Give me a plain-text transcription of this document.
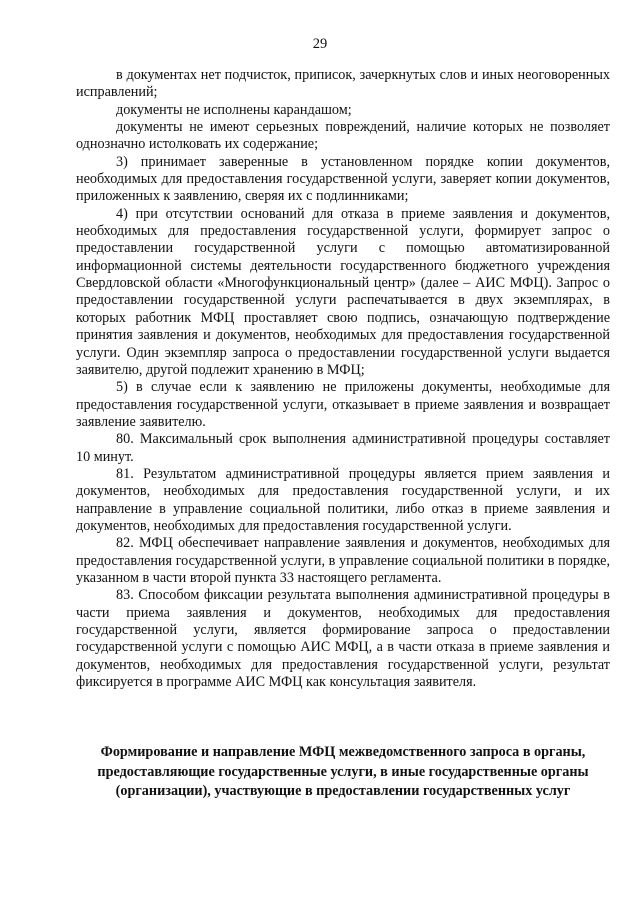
29

в документах нет подчисток, приписок, зачеркнутых слов и иных неоговоренных исправлений;

документы не исполнены карандашом;

документы не имеют серьезных повреждений, наличие которых не позволяет однозначно истолковать их содержание;

3) принимает заверенные в установленном порядке копии документов, необходимых для предоставления государственной услуги, заверяет копии документов, приложенных к заявлению, сверяя их с подлинниками;

4) при отсутствии оснований для отказа в приеме заявления и документов, необходимых для предоставления государственной услуги, формирует запрос о предоставлении государственной услуги с помощью автоматизированной информационной системы деятельности государственного бюджетного учреждения Свердловской области «Многофункциональный центр» (далее – АИС МФЦ). Запрос о предоставлении государственной услуги распечатывается в двух экземплярах, в которых работник МФЦ проставляет свою подпись, означающую подтверждение принятия заявления и документов, необходимых для предоставления государственной услуги. Один экземпляр запроса о предоставлении государственной услуги выдается заявителю, другой подлежит хранению в МФЦ;

5) в случае если к заявлению не приложены документы, необходимые для предоставления государственной услуги, отказывает в приеме заявления и возвращает заявление заявителю.

80. Максимальный срок выполнения административной процедуры составляет 10 минут.

81. Результатом административной процедуры является прием заявления и документов, необходимых для предоставления государственной услуги, и их направление в управление социальной политики, либо отказ в приеме заявления и документов, необходимых для предоставления государственной услуги.

82. МФЦ обеспечивает направление заявления и документов, необходимых для предоставления государственной услуги, в управление социальной политики в порядке, указанном в части второй пункта 33 настоящего регламента.

83. Способом фиксации результата выполнения административной процедуры в части приема заявления и документов, необходимых для предоставления государственной услуги, является формирование запроса о предоставлении государственной услуги с помощью АИС МФЦ, а в части отказа в приеме заявления и документов, необходимых для предоставления государственной услуги, результат фиксируется в программе АИС МФЦ как консультация заявителя.

Формирование и направление МФЦ межведомственного запроса в органы,
предоставляющие государственные услуги, в иные государственные органы
(организации), участвующие в предоставлении государственных услуг
